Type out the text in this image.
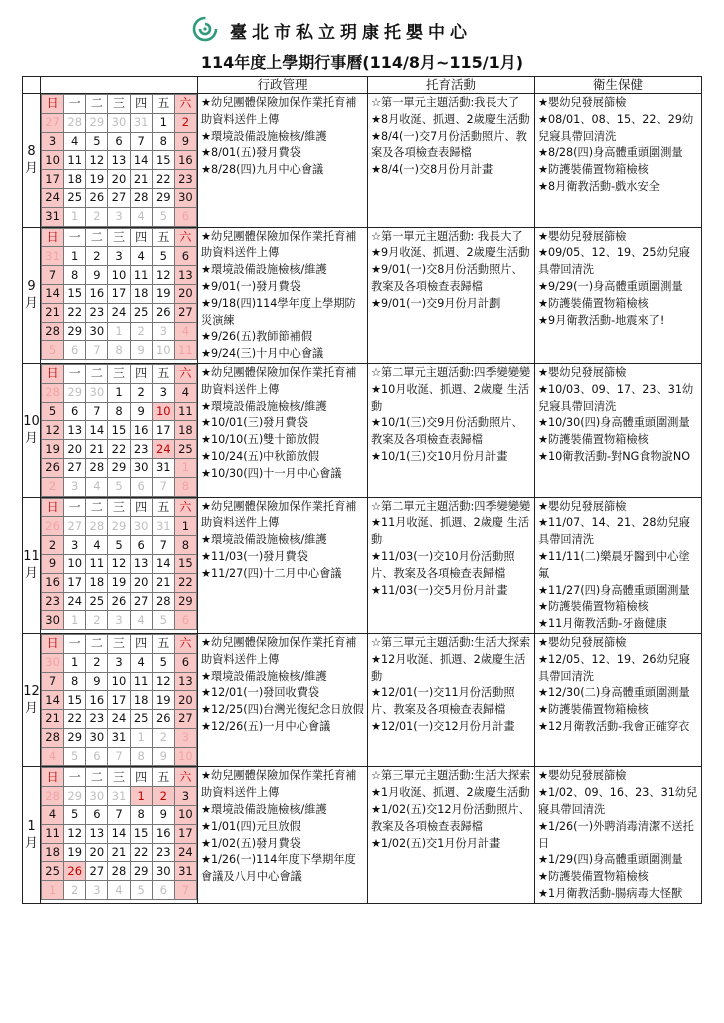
臺北市私立玥康托嬰中心
114年度上學期行事曆(114/8月~115/1月)
		行政管理	托育活動	衛生保健
8
月	
日	一	二	三	四	五	六
27	28	29	30	31	1	2
3	4	5	6	7	8	9
10	11	12	13	14	15	16
17	18	19	20	21	22	23
24	25	26	27	28	29	30
31	1	2	3	4	5	6

★幼兒團體保險加保作業托育補助資料送件上傳
★環境設備設施檢核/維護
★8/01(五)發月費袋
★8/28(四)九月中心會議

☆第一單元主題活動:我長大了
★8月收涎、抓週、2歲慶生活動
★8/4(一)交7月份活動照片、教案及各項檢查表歸檔
★8/4(一)交8月份月計畫

★嬰幼兒發展篩檢
★08/01、08、15、22、29幼兒寢具帶回清洗
★8/28(四)身高體重頭圍測量
★防護裝備置物箱檢核
★8月衛教活動-戲水安全

9
月	
日	一	二	三	四	五	六
31	1	2	3	4	5	6
7	8	9	10	11	12	13
14	15	16	17	18	19	20
21	22	23	24	25	26	27
28	29	30	1	2	3	4
5	6	7	8	9	10	11

★幼兒團體保險加保作業托育補助資料送件上傳
★環境設備設施檢核/維護
★9/01(一)發月費袋
★9/18(四)114學年度上學期防災演練
★9/26(五)教師節補假
★9/24(三)十月中心會議

☆第一單元主題活動: 我長大了
★9月收涎、抓週、2歲慶生活動
★9/01(一)交8月份活動照片、教案及各項檢查表歸檔
★9/01(一)交9月份月計劃

★嬰幼兒發展篩檢
★09/05、12、19、25幼兒寢具帶回清洗
★9/29(一)身高體重頭圍測量
★防護裝備置物箱檢核
★9月衛教活動-地震來了!

10
月	
日	一	二	三	四	五	六
28	29	30	1	2	3	4
5	6	7	8	9	10	11
12	13	14	15	16	17	18
19	20	21	22	23	24	25
26	27	28	29	30	31	1
2	3	4	5	6	7	8

★幼兒團體保險加保作業托育補助資料送件上傳
★環境設備設施檢核/維護
★10/01(三)發月費袋
★10/10(五)雙十節放假
★10/24(五)中秋節放假
★10/30(四)十一月中心會議

☆第二單元主題活動:四季變變變
★10月收涎、抓週、2歲慶 生活動
★10/1(三)交9月份活動照片、教案及各項檢查表歸檔
★10/1(三)交10月份月計畫

★嬰幼兒發展篩檢
★10/03、09、17、23、31幼兒寢具帶回清洗
★10/30(四)身高體重頭圍測量
★防護裝備置物箱檢核
★10衛教活動-對NG食物說NO

11
月	
日	一	二	三	四	五	六
26	27	28	29	30	31	1
2	3	4	5	6	7	8
9	10	11	12	13	14	15
16	17	18	19	20	21	22
23	24	25	26	27	28	29
30	1	2	3	4	5	6

★幼兒團體保險加保作業托育補助資料送件上傳
★環境設備設施檢核/維護
★11/03(一)發月費袋
★11/27(四)十二月中心會議

☆第二單元主題活動:四季變變變
★11月收涎、抓週、2歲慶 生活動
★11/03(一)交10月份活動照片、教案及各項檢查表歸檔
★11/03(一)交5月份月計畫

★嬰幼兒發展篩檢
★11/07、14、21、28幼兒寢具帶回清洗
★11/11(二)樂晨牙醫到中心塗氟
★11/27(四)身高體重頭圍測量
★防護裝備置物箱檢核
★11月衛教活動-牙齒健康

12
月	
日	一	二	三	四	五	六
30	1	2	3	4	5	6
7	8	9	10	11	12	13
14	15	16	17	18	19	20
21	22	23	24	25	26	27
28	29	30	31	1	2	3
4	5	6	7	8	9	10

★幼兒團體保險加保作業托育補助資料送件上傳
★環境設備設施檢核/維護
★12/01(一)發回收費袋
★12/25(四)台灣光復紀念日放假
★12/26(五)一月中心會議

☆第三單元主題活動:生活大探索
★12月收涎、抓週、2歲慶生活動
★12/01(一)交11月份活動照片、教案及各項檢查表歸檔
★12/01(一)交12月份月計畫

★嬰幼兒發展篩檢
★12/05、12、19、26幼兒寢具帶回清洗
★12/30(二)身高體重頭圍測量
★防護裝備置物箱檢核
★12月衛教活動-我會正確穿衣

1
月	
日	一	二	三	四	五	六
28	29	30	31	1	2	3
4	5	6	7	8	9	10
11	12	13	14	15	16	17
18	19	20	21	22	23	24
25	26	27	28	29	30	31
1	2	3	4	5	6	7

★幼兒團體保險加保作業托育補助資料送件上傳
★環境設備設施檢核/維護
★1/01(四)元旦放假
★1/02(五)發月費袋
★1/26(一)114年度下學期年度會議及八月中心會議

☆第三單元主題活動:生活大探索
★1月收涎、抓週、2歲慶生活動
★1/02(五)交12月份活動照片、教案及各項檢查表歸檔
★1/02(五)交1月份月計畫

★嬰幼兒發展篩檢
★1/02、09、16、23、31幼兒寢具帶回清洗
★1/26(一)外聘消毒清潔不送托日
★1/29(四)身高體重頭圍測量
★防護裝備置物箱檢核
★1月衛教活動-腸病毒大怪獸
